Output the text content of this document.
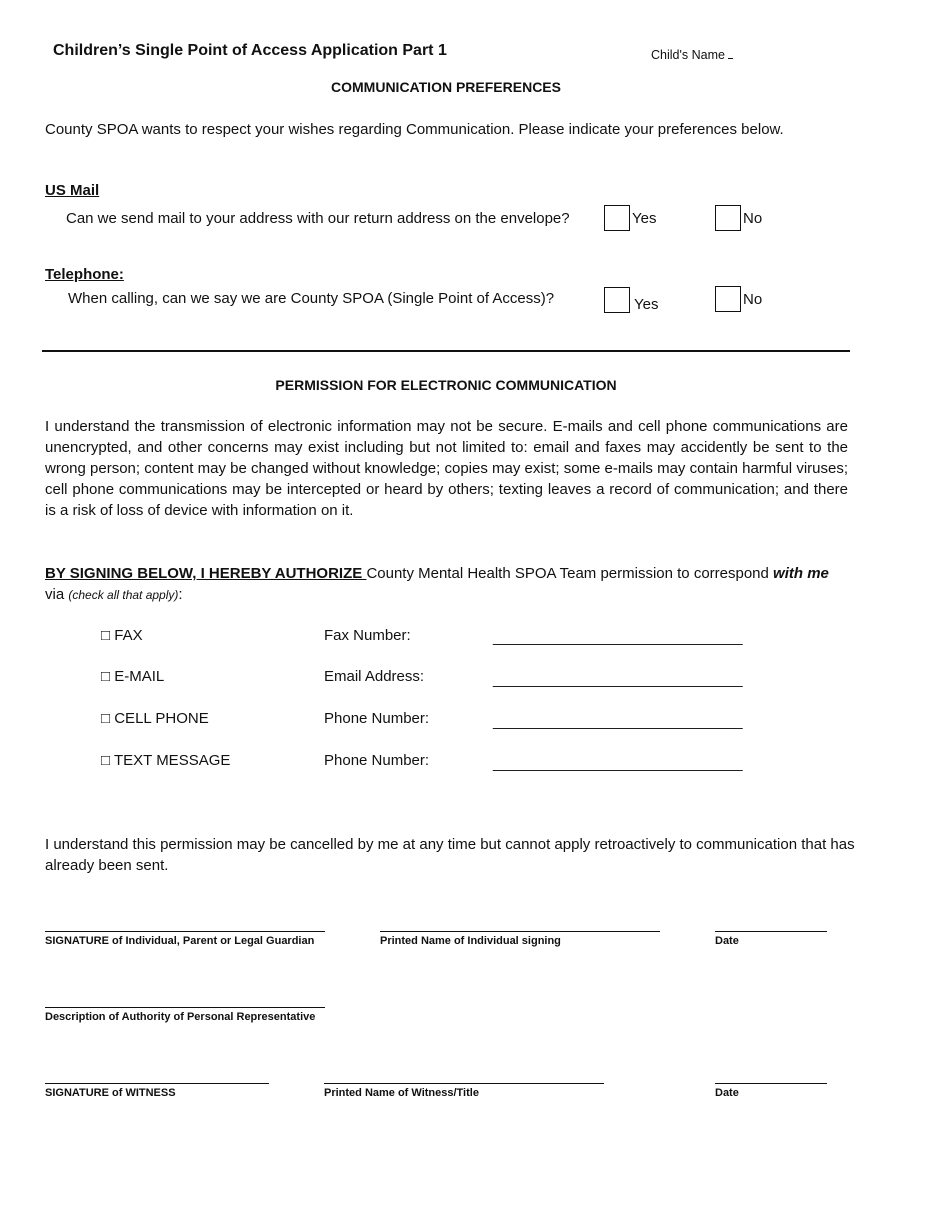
Children’s Single Point of Access Application Part 1	Child's Name
COMMUNICATION PREFERENCES
County SPOA wants to respect your wishes regarding Communication. Please indicate your preferences below.
US Mail
Can we send mail to your address with our return address on the envelope?	Yes	No
Telephone:
When calling, can we say we are County SPOA (Single Point of Access)?	Yes	No
PERMISSION FOR ELECTRONIC COMMUNICATION
I understand the transmission of electronic information may not be secure. E-mails and cell phone communications are unencrypted, and other concerns may exist including but not limited to: email and faxes may accidently be sent to the wrong person; content may be changed without knowledge; copies may exist; some e-mails may contain harmful viruses; cell phone communications may be intercepted or heard by others; texting leaves a record of communication; and there is a risk of loss of device with information on it.
BY SIGNING BELOW, I HEREBY AUTHORIZE County Mental Health SPOA Team permission to correspond with me
via (check all that apply):
□ FAX	Fax Number:	_______________________________
□ E-MAIL	Email Address:	_______________________________
□ CELL PHONE	Phone Number:	_______________________________
□ TEXT MESSAGE	Phone Number:	_______________________________
I understand this permission may be cancelled by me at any time but cannot apply retroactively to communication that has already been sent.
SIGNATURE of Individual, Parent or Legal Guardian	Printed Name of Individual signing	Date
Description of Authority of Personal Representative
SIGNATURE of WITNESS	Printed Name of Witness/Title	Date
